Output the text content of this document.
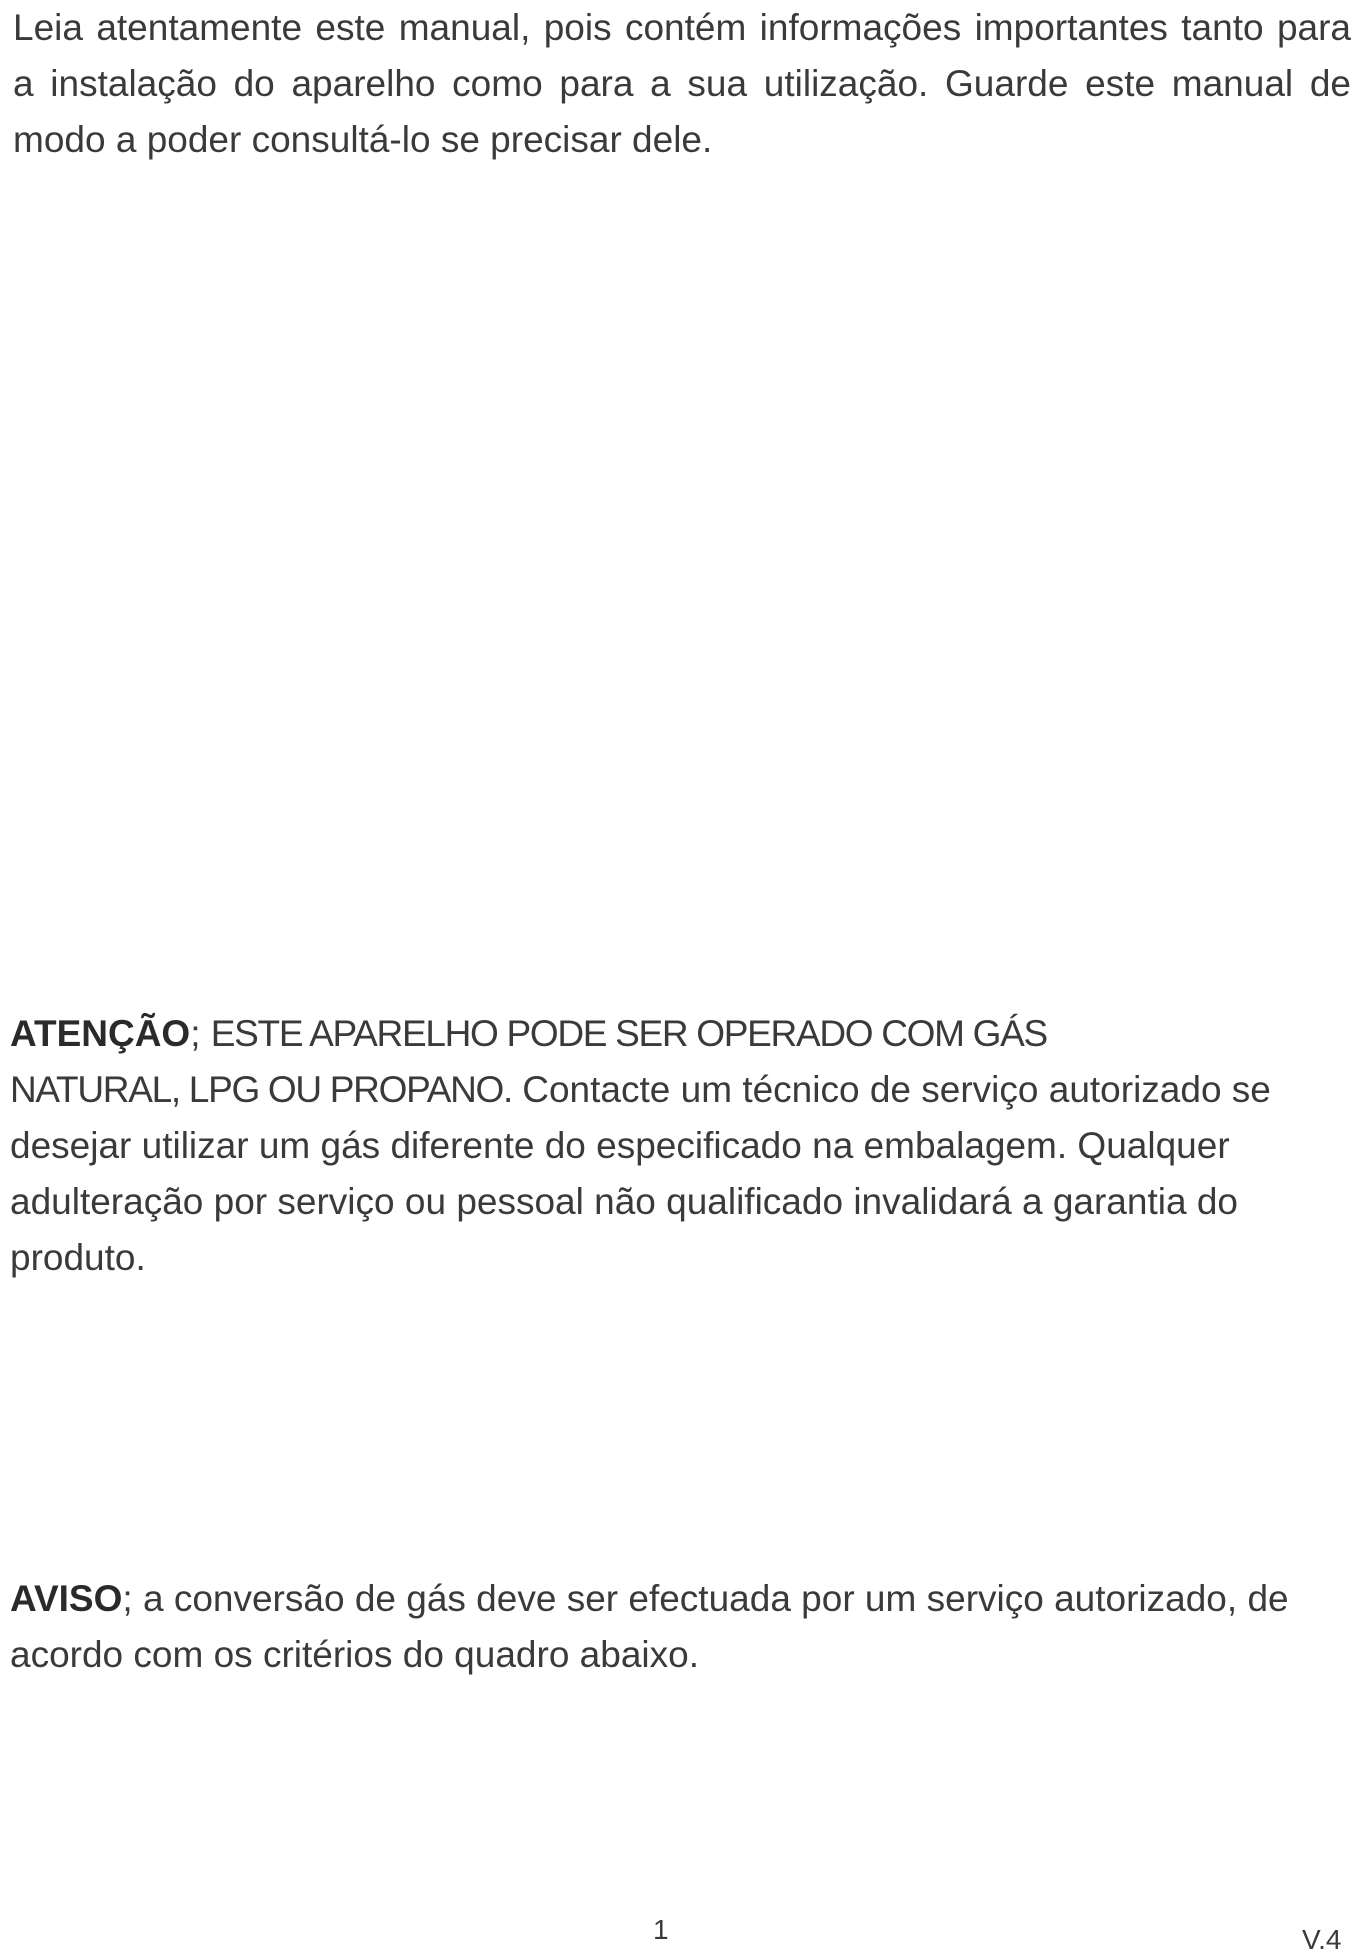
Leia atentamente este manual, pois contém informações importantes tanto para a instalação do aparelho como para a sua utilização. Guarde este manual de modo a poder consultá-lo se precisar dele.

ATENÇÃO; ESTE APARELHO PODE SER OPERADO COM GÁS
NATURAL, LPG OU PROPANO. Contacte um técnico de serviço autorizado se desejar utilizar um gás diferente do especificado na embalagem. Qualquer adulteração por serviço ou pessoal não qualificado invalidará a garantia do produto.

AVISO; a conversão de gás deve ser efectuada por um serviço autorizado, de acordo com os critérios do quadro abaixo.

1	V.4
